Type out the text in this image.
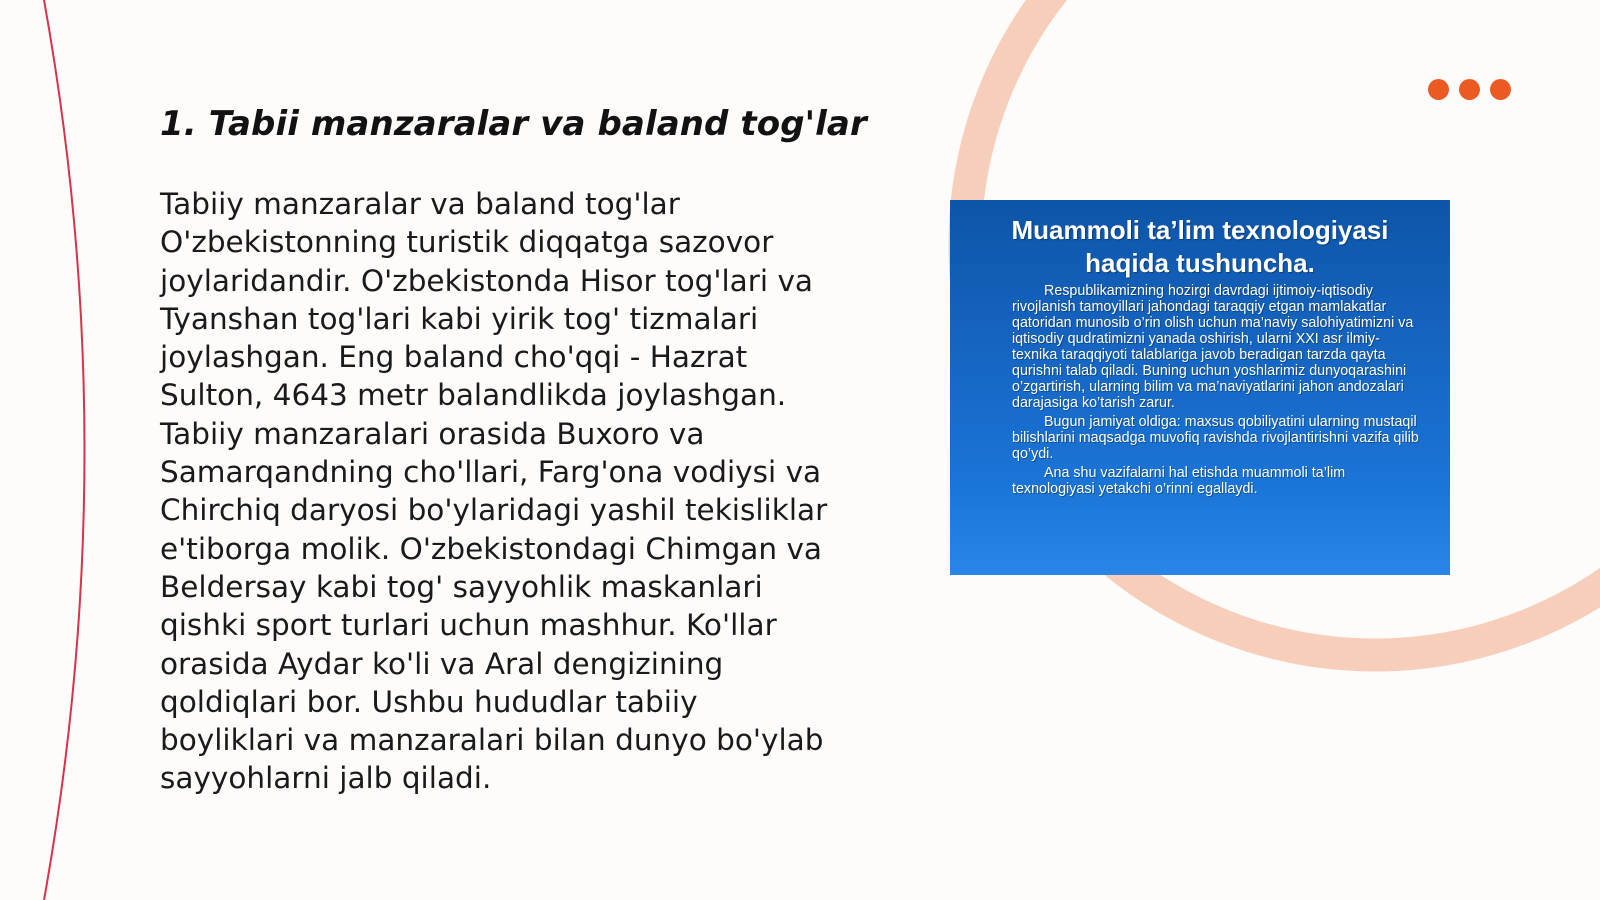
1. Tabii manzaralar va baland tog'lar

Tabiiy manzaralar va baland tog'lar O'zbekistonning turistik diqqatga sazovor joylaridandir. O'zbekistonda Hisor tog'lari va Tyanshan tog'lari kabi yirik tog' tizmalari joylashgan. Eng baland cho'qqi - Hazrat Sulton, 4643 metr balandlikda joylashgan. Tabiiy manzaralari orasida Buxoro va Samarqandning cho'llari, Farg'ona vodiysi va Chirchiq daryosi bo'ylaridagi yashil tekisliklar e'tiborga molik. O'zbekistondagi Chimgan va Beldersay kabi tog' sayyohlik maskanlari qishki sport turlari uchun mashhur. Ko'llar orasida Aydar ko'li va Aral dengizining qoldiqlari bor. Ushbu hududlar tabiiy boyliklari va manzaralari bilan dunyo bo'ylab sayyohlarni jalb qiladi.

Muammoli ta’lim texnologiyasi haqida tushuncha.

Respublikamizning hozirgi davrdagi ijtimoiy-iqtisodiy rivojlanish tamoyillari jahondagi taraqqiy etgan mamlakatlar qatoridan munosib o’rin olish uchun ma’naviy salohiyatimizni va iqtisodiy qudratimizni yanada oshirish, ularni XXI asr ilmiy-texnika taraqqiyoti talablariga javob beradigan tarzda qayta qurishni talab qiladi. Buning uchun yoshlarimiz dunyoqarashini o’zgartirish, ularning bilim va ma’naviyatlarini jahon andozalari darajasiga ko’tarish zarur.

Bugun jamiyat oldiga: maxsus qobiliyatini ularning mustaqil bilishlarini maqsadga muvofiq ravishda rivojlantirishni vazifa qilib qo’ydi.

Ana shu vazifalarni hal etishda muammoli ta’lim texnologiyasi yetakchi o’rinni egallaydi.
